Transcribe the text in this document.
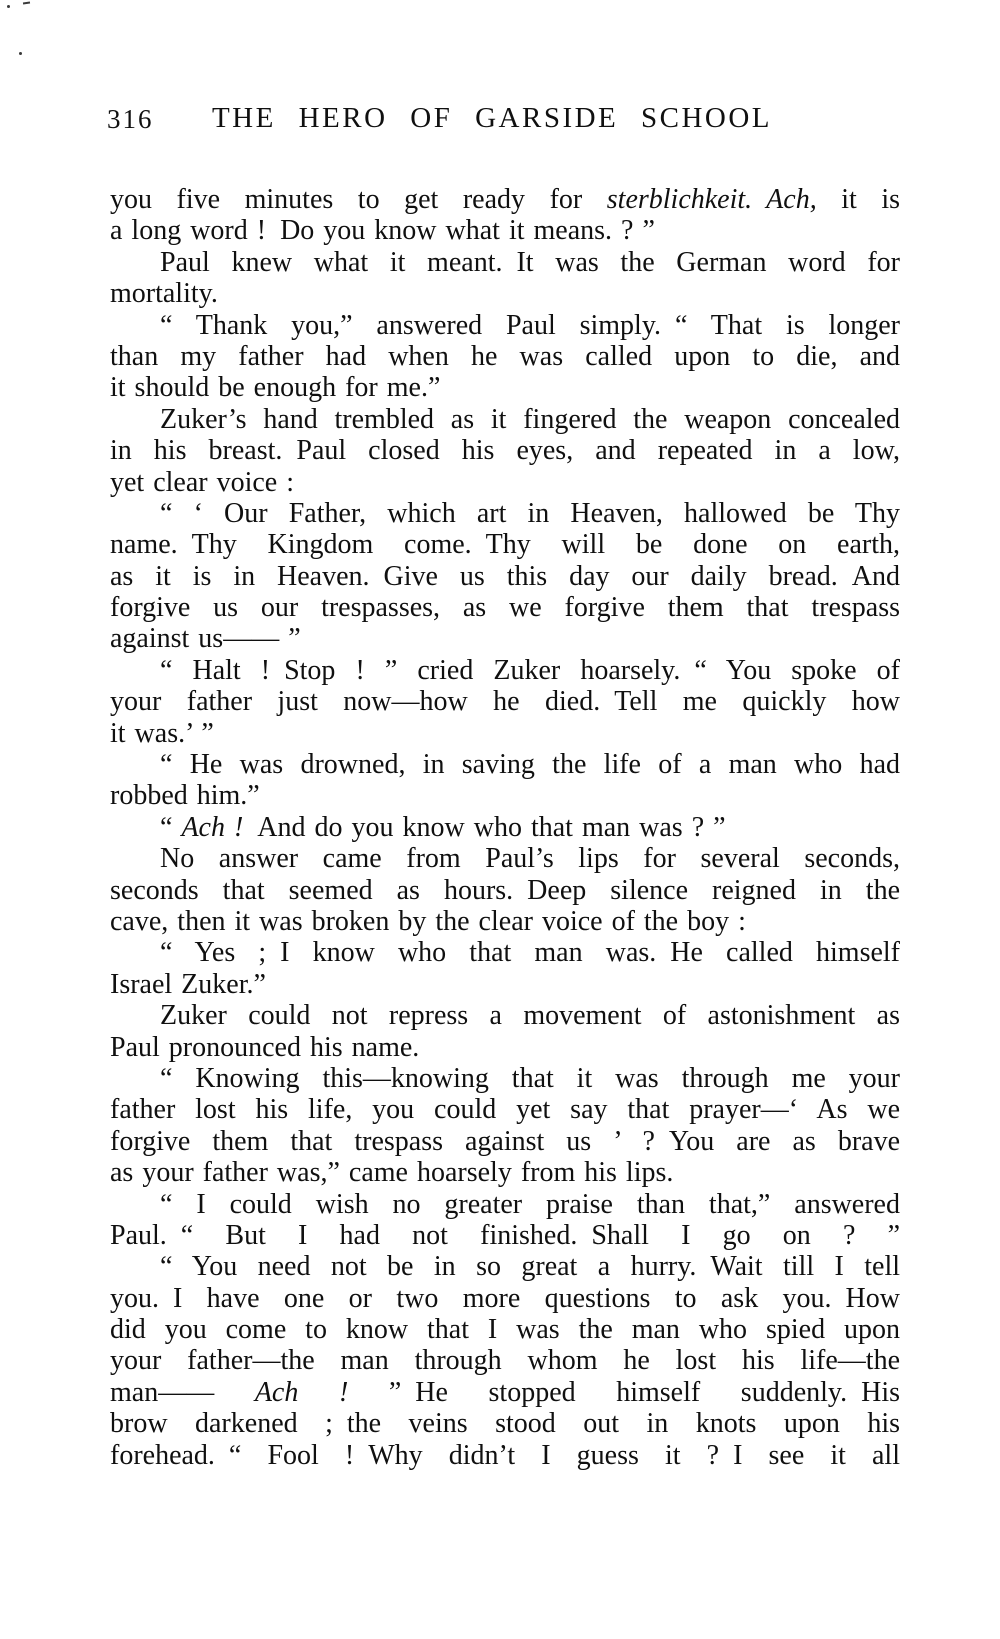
316	THE HERO OF GARSIDE SCHOOL
you five minutes to get ready for sterblichkeit.  Ach, it is
a long word ! Do you know what it means. ? ”
Paul knew what it meant. It was the German word for
mortality.
“ Thank you,” answered Paul simply. “ That is longer
than my father had when he was called upon to die, and
it should be enough for me.”
Zuker’s hand trembled as it fingered the weapon concealed
in his breast. Paul closed his eyes, and repeated in a low,
yet clear voice :
“ ‘ Our Father, which art in Heaven, hallowed be Thy
name. Thy Kingdom come. Thy will be done on earth,
as it is in Heaven. Give us this day our daily bread. And
forgive us our trespasses, as we forgive them that trespass
against us—— ”
“ Halt ! Stop ! ” cried Zuker hoarsely. “ You spoke of
your father just now—how he died. Tell me quickly how
it was.’ ”
“ He was drowned, in saving the life of a man who had
robbed him.”
“ Ach ! And do you know who that man was ? ”
No answer came from Paul’s lips for several seconds,
seconds that seemed as hours. Deep silence reigned in the
cave, then it was broken by the clear voice of the boy :
“ Yes ; I know who that man was. He called himself
Israel Zuker.”
Zuker could not repress a movement of astonishment as
Paul pronounced his name.
“ Knowing this—knowing that it was through me your
father lost his life, you could yet say that prayer—‘ As we
forgive them that trespass against us ’ ? You are as brave
as your father was,” came hoarsely from his lips.
“ I could wish no greater praise than that,” answered
Paul. “ But I had not finished. Shall I go on ? ”
“ You need not be in so great a hurry. Wait till I tell
you. I have one or two more questions to ask you. How
did you come to know that I was the man who spied upon
your father—the man through whom he lost his life—the
man—— Ach ! ” He stopped himself suddenly. His
brow darkened ; the veins stood out in knots upon his
forehead. “ Fool ! Why didn’t I guess it ? I see it all
